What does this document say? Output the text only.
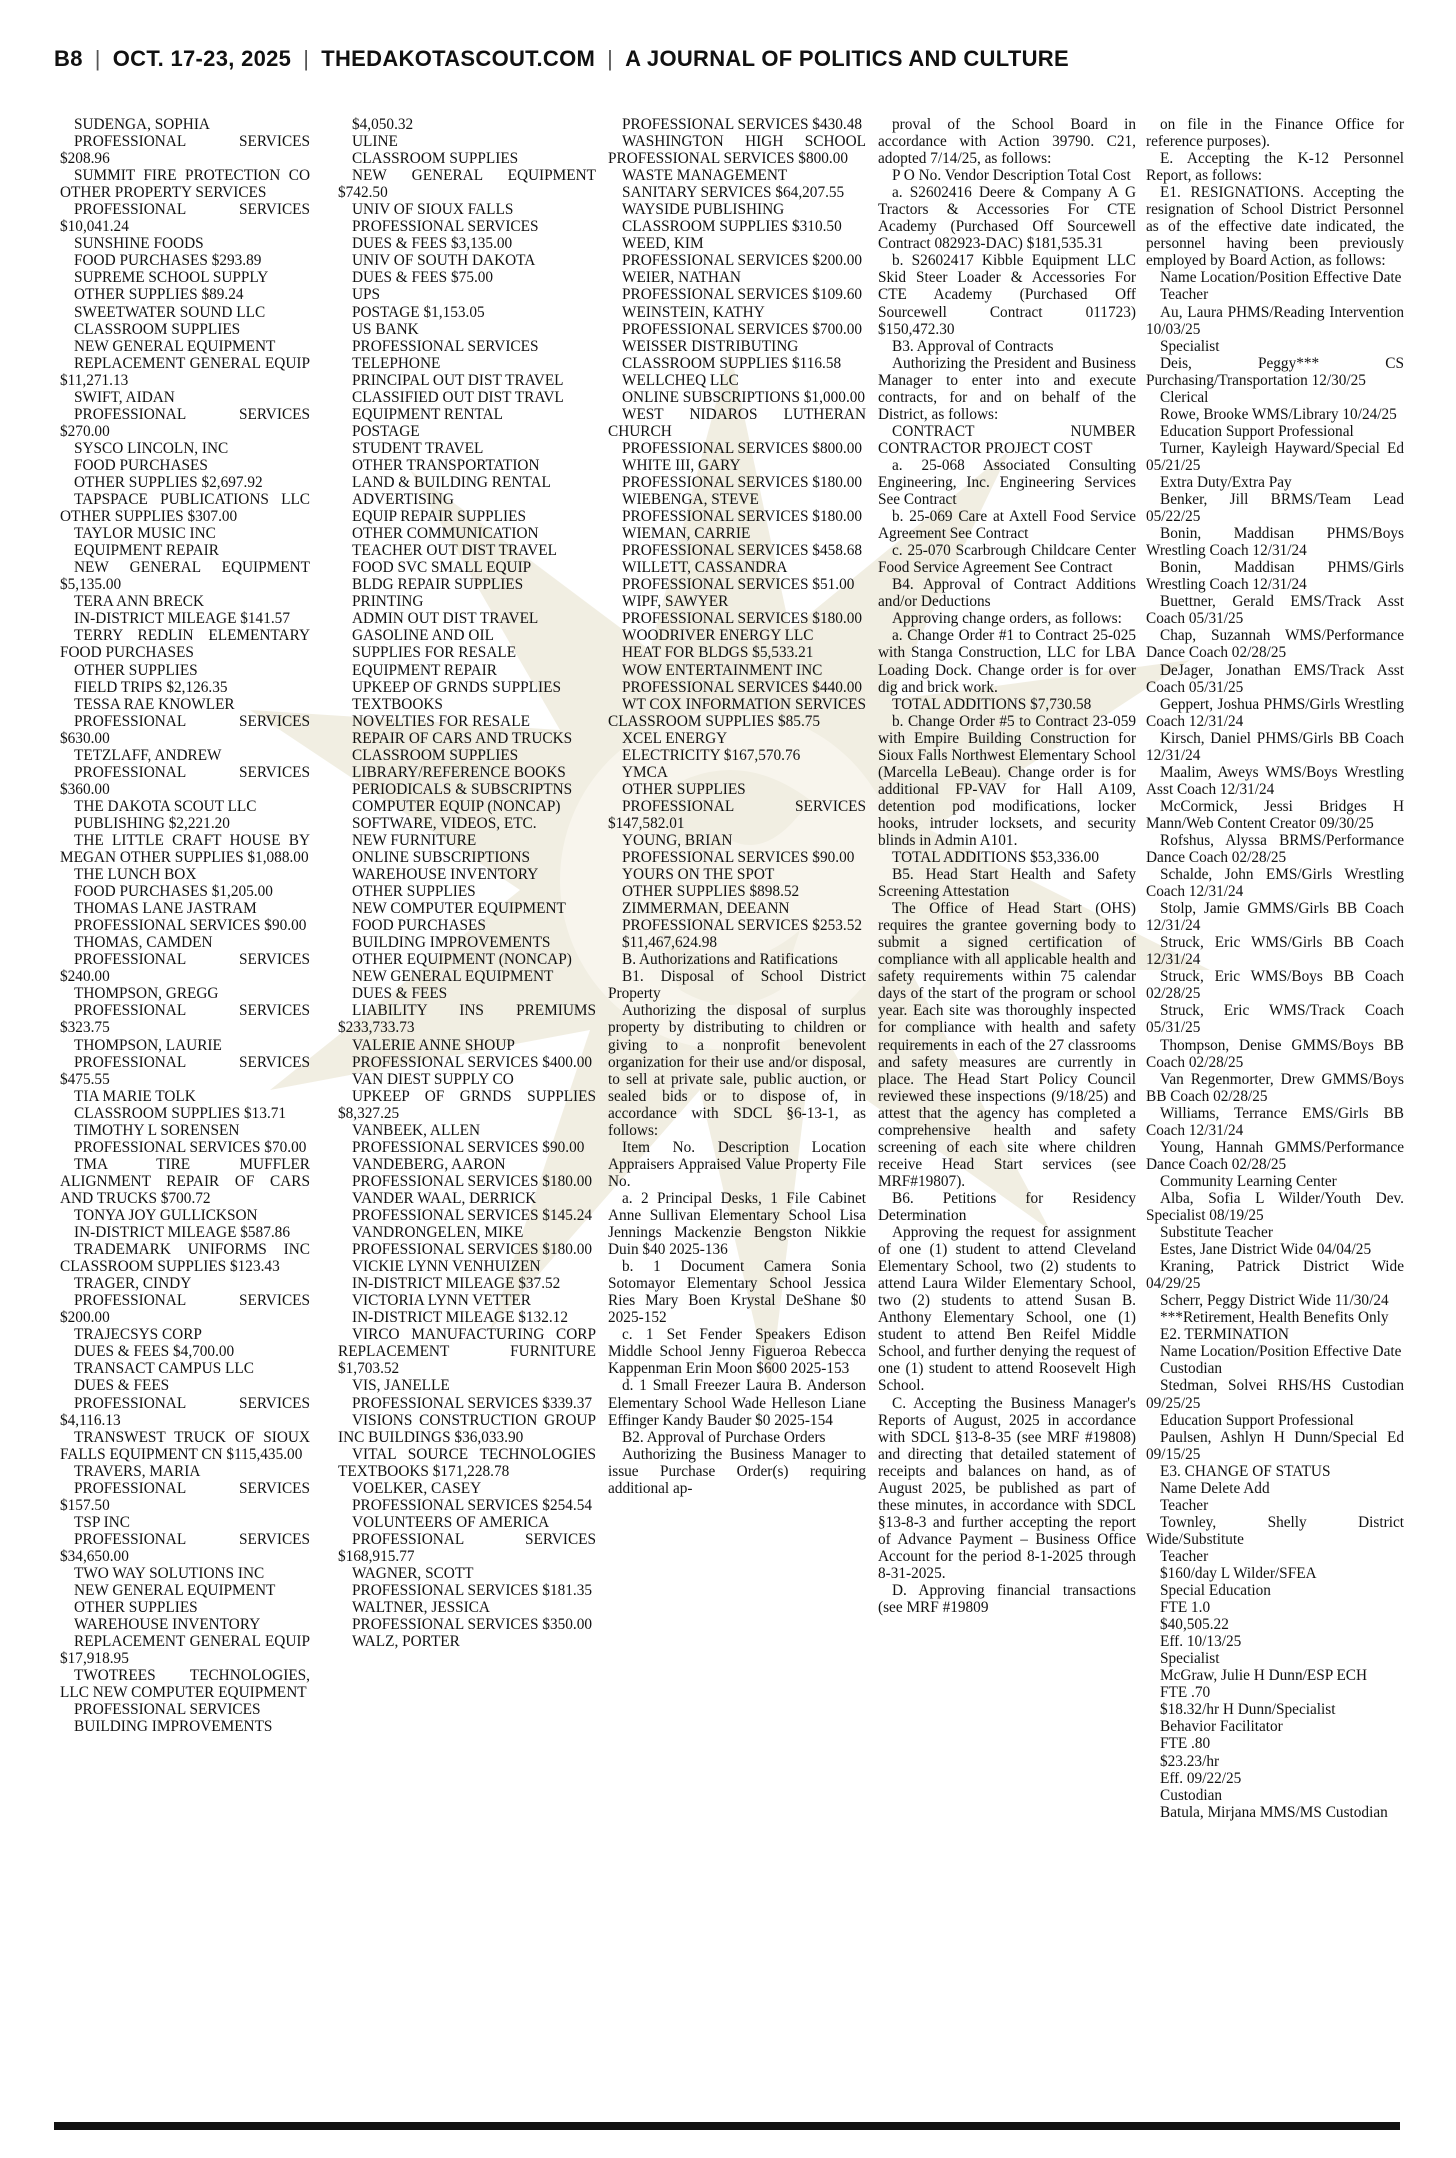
B8 | OCT. 17-23, 2025 | THEDAKOTASCOUT.COM | A JOURNAL OF POLITICS AND CULTURE

SUDENGA, SOPHIA

PROFESSIONAL SERVICES $208.96

SUMMIT FIRE PROTECTION CO OTHER PROPERTY SERVICES

PROFESSIONAL SERVICES $10,041.24

SUNSHINE FOODS

FOOD PURCHASES $293.89

SUPREME SCHOOL SUPPLY

OTHER SUPPLIES $89.24

SWEETWATER SOUND LLC

CLASSROOM SUPPLIES

NEW GENERAL EQUIPMENT

REPLACEMENT GENERAL EQUIP $11,271.13

SWIFT, AIDAN

PROFESSIONAL SERVICES $270.00

SYSCO LINCOLN, INC

FOOD PURCHASES

OTHER SUPPLIES $2,697.92

TAPSPACE PUBLICATIONS LLC OTHER SUPPLIES $307.00

TAYLOR MUSIC INC

EQUIPMENT REPAIR

NEW GENERAL EQUIPMENT $5,135.00

TERA ANN BRECK

IN-DISTRICT MILEAGE $141.57

TERRY REDLIN ELEMENTARY FOOD PURCHASES

OTHER SUPPLIES

FIELD TRIPS $2,126.35

TESSA RAE KNOWLER

PROFESSIONAL SERVICES $630.00

TETZLAFF, ANDREW

PROFESSIONAL SERVICES $360.00

THE DAKOTA SCOUT LLC

PUBLISHING $2,221.20

THE LITTLE CRAFT HOUSE BY MEGAN OTHER SUPPLIES $1,088.00

THE LUNCH BOX

FOOD PURCHASES $1,205.00

THOMAS LANE JASTRAM

PROFESSIONAL SERVICES $90.00

THOMAS, CAMDEN

PROFESSIONAL SERVICES $240.00

THOMPSON, GREGG

PROFESSIONAL SERVICES $323.75

THOMPSON, LAURIE

PROFESSIONAL SERVICES $475.55

TIA MARIE TOLK

CLASSROOM SUPPLIES $13.71

TIMOTHY L SORENSEN

PROFESSIONAL SERVICES $70.00

TMA TIRE MUFFLER ALIGNMENT REPAIR OF CARS AND TRUCKS $700.72

TONYA JOY GULLICKSON

IN-DISTRICT MILEAGE $587.86

TRADEMARK UNIFORMS INC CLASSROOM SUPPLIES $123.43

TRAGER, CINDY

PROFESSIONAL SERVICES $200.00

TRAJECSYS CORP

DUES & FEES $4,700.00

TRANSACT CAMPUS LLC

DUES & FEES

PROFESSIONAL SERVICES $4,116.13

TRANSWEST TRUCK OF SIOUX FALLS EQUIPMENT CN $115,435.00

TRAVERS, MARIA

PROFESSIONAL SERVICES $157.50

TSP INC

PROFESSIONAL SERVICES $34,650.00

TWO WAY SOLUTIONS INC

NEW GENERAL EQUIPMENT

OTHER SUPPLIES

WAREHOUSE INVENTORY

REPLACEMENT GENERAL EQUIP $17,918.95

TWOTREES TECHNOLOGIES, LLC NEW COMPUTER EQUIPMENT

PROFESSIONAL SERVICES

BUILDING IMPROVEMENTS

$4,050.32

ULINE

CLASSROOM SUPPLIES

NEW GENERAL EQUIPMENT $742.50

UNIV OF SIOUX FALLS

PROFESSIONAL SERVICES

DUES & FEES $3,135.00

UNIV OF SOUTH DAKOTA

DUES & FEES $75.00

UPS

POSTAGE $1,153.05

US BANK

PROFESSIONAL SERVICES

TELEPHONE

PRINCIPAL OUT DIST TRAVEL

CLASSIFIED OUT DIST TRAVL

EQUIPMENT RENTAL

POSTAGE

STUDENT TRAVEL

OTHER TRANSPORTATION

LAND & BUILDING RENTAL

ADVERTISING

EQUIP REPAIR SUPPLIES

OTHER COMMUNICATION

TEACHER OUT DIST TRAVEL

FOOD SVC SMALL EQUIP

BLDG REPAIR SUPPLIES

PRINTING

ADMIN OUT DIST TRAVEL

GASOLINE AND OIL

SUPPLIES FOR RESALE

EQUIPMENT REPAIR

UPKEEP OF GRNDS SUPPLIES

TEXTBOOKS

NOVELTIES FOR RESALE

REPAIR OF CARS AND TRUCKS

CLASSROOM SUPPLIES

LIBRARY/REFERENCE BOOKS

PERIODICALS & SUBSCRIPTNS

COMPUTER EQUIP (NONCAP)

SOFTWARE, VIDEOS, ETC.

NEW FURNITURE

ONLINE SUBSCRIPTIONS

WAREHOUSE INVENTORY

OTHER SUPPLIES

NEW COMPUTER EQUIPMENT

FOOD PURCHASES

BUILDING IMPROVEMENTS

OTHER EQUIPMENT (NONCAP)

NEW GENERAL EQUIPMENT

DUES & FEES

LIABILITY INS PREMIUMS $233,733.73

VALERIE ANNE SHOUP

PROFESSIONAL SERVICES $400.00

VAN DIEST SUPPLY CO

UPKEEP OF GRNDS SUPPLIES $8,327.25

VANBEEK, ALLEN

PROFESSIONAL SERVICES $90.00

VANDEBERG, AARON

PROFESSIONAL SERVICES $180.00

VANDER WAAL, DERRICK

PROFESSIONAL SERVICES $145.24

VANDRONGELEN, MIKE

PROFESSIONAL SERVICES $180.00

VICKIE LYNN VENHUIZEN

IN-DISTRICT MILEAGE $37.52

VICTORIA LYNN VETTER

IN-DISTRICT MILEAGE $132.12

VIRCO MANUFACTURING CORP REPLACEMENT FURNITURE $1,703.52

VIS, JANELLE

PROFESSIONAL SERVICES $339.37

VISIONS CONSTRUCTION GROUP INC BUILDINGS $36,033.90

VITAL SOURCE TECHNOLOGIES TEXTBOOKS $171,228.78

VOELKER, CASEY

PROFESSIONAL SERVICES $254.54

VOLUNTEERS OF AMERICA

PROFESSIONAL SERVICES $168,915.77

WAGNER, SCOTT

PROFESSIONAL SERVICES $181.35

WALTNER, JESSICA

PROFESSIONAL SERVICES $350.00

WALZ, PORTER

PROFESSIONAL SERVICES $430.48

WASHINGTON HIGH SCHOOL PROFESSIONAL SERVICES $800.00

WASTE MANAGEMENT

SANITARY SERVICES $64,207.55

WAYSIDE PUBLISHING

CLASSROOM SUPPLIES $310.50

WEED, KIM

PROFESSIONAL SERVICES $200.00

WEIER, NATHAN

PROFESSIONAL SERVICES $109.60

WEINSTEIN, KATHY

PROFESSIONAL SERVICES $700.00

WEISSER DISTRIBUTING

CLASSROOM SUPPLIES $116.58

WELLCHEQ LLC

ONLINE SUBSCRIPTIONS $1,000.00

WEST NIDAROS LUTHERAN CHURCH

PROFESSIONAL SERVICES $800.00

WHITE III, GARY

PROFESSIONAL SERVICES $180.00

WIEBENGA, STEVE

PROFESSIONAL SERVICES $180.00

WIEMAN, CARRIE

PROFESSIONAL SERVICES $458.68

WILLETT, CASSANDRA

PROFESSIONAL SERVICES $51.00

WIPF, SAWYER

PROFESSIONAL SERVICES $180.00

WOODRIVER ENERGY LLC

HEAT FOR BLDGS $5,533.21

WOW ENTERTAINMENT INC

PROFESSIONAL SERVICES $440.00

WT COX INFORMATION SERVICES CLASSROOM SUPPLIES $85.75

XCEL ENERGY

ELECTRICITY $167,570.76

YMCA

OTHER SUPPLIES

PROFESSIONAL SERVICES $147,582.01

YOUNG, BRIAN

PROFESSIONAL SERVICES $90.00

YOURS ON THE SPOT

OTHER SUPPLIES $898.52

ZIMMERMAN, DEEANN

PROFESSIONAL SERVICES $253.52

$11,467,624.98

B. Authorizations and Ratifications

B1. Disposal of School District Property

Authorizing the disposal of surplus property by distributing to children or giving to a nonprofit benevolent organization for their use and/or disposal, to sell at private sale, public auction, or sealed bids or to dispose of, in accordance with SDCL §6-13-1, as follows:

Item No. Description Location Appraisers Appraised Value Property File No.

a. 2 Principal Desks, 1 File Cabinet Anne Sullivan Elementary School Lisa Jennings Mackenzie Bengston Nikkie Duin $40 2025-136

b. 1 Document Camera Sonia Sotomayor Elementary School Jessica Ries Mary Boen Krystal DeShane $0 2025-152

c. 1 Set Fender Speakers Edison Middle School Jenny Figueroa Rebecca Kappenman Erin Moon $600 2025-153

d. 1 Small Freezer Laura B. Anderson Elementary School Wade Helleson Liane Effinger Kandy Bauder $0 2025-154

B2. Approval of Purchase Orders

Authorizing the Business Manager to issue Purchase Order(s) requiring additional ap-

proval of the School Board in accordance with Action 39790. C21, adopted 7/14/25, as follows:

P O No. Vendor Description Total Cost

a. S2602416 Deere & Company A G Tractors & Accessories For CTE Academy (Purchased Off Sourcewell Contract 082923-DAC) $181,535.31

b. S2602417 Kibble Equipment LLC Skid Steer Loader & Accessories For CTE Academy (Purchased Off Sourcewell Contract 011723) $150,472.30

B3. Approval of Contracts

Authorizing the President and Business Manager to enter into and execute contracts, for and on behalf of the District, as follows:

CONTRACT NUMBER CONTRACTOR PROJECT COST

a. 25-068 Associated Consulting Engineering, Inc. Engineering Services See Contract

b. 25-069 Care at Axtell Food Service Agreement See Contract

c. 25-070 Scarbrough Childcare Center Food Service Agreement See Contract

B4. Approval of Contract Additions and/or Deductions

Approving change orders, as follows:

a. Change Order #1 to Contract 25-025 with Stanga Construction, LLC for LBA Loading Dock. Change order is for over dig and brick work.

TOTAL ADDITIONS $7,730.58

b. Change Order #5 to Contract 23-059 with Empire Building Construction for Sioux Falls Northwest Elementary School (Marcella LeBeau). Change order is for additional FP-VAV for Hall A109, detention pod modifications, locker hooks, intruder locksets, and security blinds in Admin A101.

TOTAL ADDITIONS $53,336.00

B5. Head Start Health and Safety Screening Attestation

The Office of Head Start (OHS) requires the grantee governing body to submit a signed certification of compliance with all applicable health and safety requirements within 75 calendar days of the start of the program or school year. Each site was thoroughly inspected for compliance with health and safety requirements in each of the 27 classrooms and safety measures are currently in place. The Head Start Policy Council reviewed these inspections (9/18/25) and attest that the agency has completed a comprehensive health and safety screening of each site where children receive Head Start services (see MRF#19807).

B6. Petitions for Residency Determination

Approving the request for assignment of one (1) student to attend Cleveland Elementary School, two (2) students to attend Laura Wilder Elementary School, two (2) students to attend Susan B. Anthony Elementary School, one (1) student to attend Ben Reifel Middle School, and further denying the request of one (1) student to attend Roosevelt High School.

C. Accepting the Business Manager's Reports of August, 2025 in accordance with SDCL §13-8-35 (see MRF #19808) and directing that detailed statement of receipts and balances on hand, as of August 2025, be published as part of these minutes, in accordance with SDCL §13-8-3 and further accepting the report of Advance Payment – Business Office Account for the period 8-1-2025 through 8-31-2025.

D. Approving financial transactions (see MRF #19809

on file in the Finance Office for reference purposes).

E. Accepting the K-12 Personnel Report, as follows:

E1. RESIGNATIONS. Accepting the resignation of School District Personnel as of the effective date indicated, the personnel having been previously employed by Board Action, as follows:

Name Location/Position Effective Date

Teacher

Au, Laura PHMS/Reading Intervention 10/03/25

Specialist

Deis, Peggy*** CS Purchasing/Transportation 12/30/25

Clerical

Rowe, Brooke WMS/Library 10/24/25

Education Support Professional

Turner, Kayleigh Hayward/Special Ed 05/21/25

Extra Duty/Extra Pay

Benker, Jill BRMS/Team Lead 05/22/25

Bonin, Maddisan PHMS/Boys Wrestling Coach 12/31/24

Bonin, Maddisan PHMS/Girls Wrestling Coach 12/31/24

Buettner, Gerald EMS/Track Asst Coach 05/31/25

Chap, Suzannah WMS/Performance Dance Coach 02/28/25

DeJager, Jonathan EMS/Track Asst Coach 05/31/25

Geppert, Joshua PHMS/Girls Wrestling Coach 12/31/24

Kirsch, Daniel PHMS/Girls BB Coach 12/31/24

Maalim, Aweys WMS/Boys Wrestling Asst Coach 12/31/24

McCormick, Jessi Bridges H Mann/Web Content Creator 09/30/25

Rofshus, Alyssa BRMS/Performance Dance Coach 02/28/25

Schalde, John EMS/Girls Wrestling Coach 12/31/24

Stolp, Jamie GMMS/Girls BB Coach 12/31/24

Struck, Eric WMS/Girls BB Coach 12/31/24

Struck, Eric WMS/Boys BB Coach 02/28/25

Struck, Eric WMS/Track Coach 05/31/25

Thompson, Denise GMMS/Boys BB Coach 02/28/25

Van Regenmorter, Drew GMMS/Boys BB Coach 02/28/25

Williams, Terrance EMS/Girls BB Coach 12/31/24

Young, Hannah GMMS/Performance Dance Coach 02/28/25

Community Learning Center

Alba, Sofia L Wilder/Youth Dev. Specialist 08/19/25

Substitute Teacher

Estes, Jane District Wide 04/04/25

Kraning, Patrick District Wide 04/29/25

Scherr, Peggy District Wide 11/30/24

***Retirement, Health Benefits Only

E2. TERMINATION

Name Location/Position Effective Date

Custodian

Stedman, Solvei RHS/HS Custodian 09/25/25

Education Support Professional

Paulsen, Ashlyn H Dunn/Special Ed 09/15/25

E3. CHANGE OF STATUS

Name Delete Add

Teacher

Townley, Shelly District Wide/Substitute

Teacher

$160/day L Wilder/SFEA

Special Education

FTE 1.0

$40,505.22

Eff. 10/13/25

Specialist

McGraw, Julie H Dunn/ESP ECH

FTE .70

$18.32/hr H Dunn/Specialist

Behavior Facilitator

FTE .80

$23.23/hr

Eff. 09/22/25

Custodian

Batula, Mirjana MMS/MS Custodian
